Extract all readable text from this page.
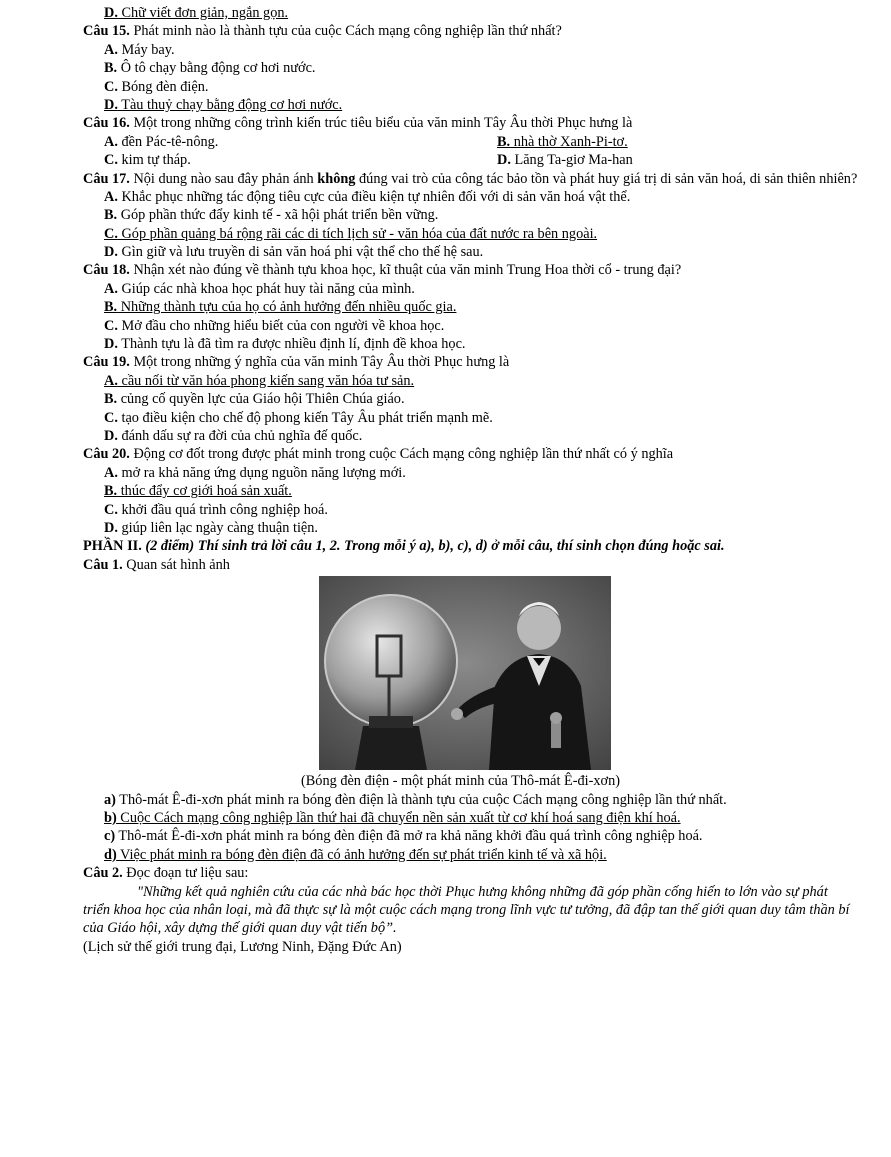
D. Chữ viết đơn giản, ngắn gọn.
Câu 15. Phát minh nào là thành tựu của cuộc Cách mạng công nghiệp lần thứ nhất?
A. Máy bay.
B. Ô tô chạy bằng động cơ hơi nước.
C. Bóng đèn điện.
D. Tàu thuỷ chạy bằng động cơ hơi nước.
Câu 16. Một trong những công trình kiến trúc tiêu biểu của văn minh Tây Âu thời Phục hưng là
A. đền Pác-tê-nông.	B. nhà thờ Xanh-Pi-tơ.
C. kim tự tháp.	D. Lăng Ta-giơ Ma-han
Câu 17. Nội dung nào sau đây phản ánh không đúng vai trò của công tác bảo tồn và phát huy giá trị di sản văn hoá, di sản thiên nhiên?
A. Khắc phục những tác động tiêu cực của điều kiện tự nhiên đối với di sản văn hoá vật thể.
B. Góp phần thức đẩy kinh tế - xã hội phát triển bền vững.
C. Góp phần quảng bá rộng rãi các di tích lịch sử - văn hóa của đất nước ra bên ngoài.
D. Gìn giữ và lưu truyền di sản văn hoá phi vật thể cho thế hệ sau.
Câu 18. Nhận xét nào đúng về thành tựu khoa học, kĩ thuật của văn minh Trung Hoa thời cổ - trung đại?
A. Giúp các nhà khoa học phát huy tài năng của mình.
B. Những thành tựu của họ có ảnh hưởng đến nhiều quốc gia.
C. Mở đầu cho những hiểu biết của con người về khoa học.
D. Thành tựu là đã tìm ra được nhiều định lí, định đề khoa học.
Câu 19. Một trong những ý nghĩa của văn minh Tây Âu thời Phục hưng là
A. cầu nối từ văn hóa phong kiến sang văn hóa tư sản.
B. củng cố quyền lực của Giáo hội Thiên Chúa giáo.
C. tạo điều kiện cho chế độ phong kiến Tây Âu phát triển mạnh mẽ.
D. đánh dấu sự ra đời của chủ nghĩa đế quốc.
Câu 20. Động cơ đốt trong được phát minh trong cuộc Cách mạng công nghiệp lần thứ nhất có ý nghĩa
A. mở ra khả năng ứng dụng nguồn năng lượng mới.
B. thúc đẩy cơ giới hoá sản xuất.
C. khởi đầu quá trình công nghiệp hoá.
D. giúp liên lạc ngày càng thuận tiện.
PHẦN II. (2 điểm) Thí sinh trả lời câu 1, 2. Trong mỗi ý a), b), c), d) ở mỗi câu, thí sinh chọn đúng hoặc sai.
Câu 1. Quan sát hình ảnh
(Bóng đèn điện - một phát minh của Thô-mát Ê-đi-xơn)
a) Thô-mát Ê-đi-xơn phát minh ra bóng đèn điện là thành tựu của cuộc Cách mạng công nghiệp lần thứ nhất.
b) Cuộc Cách mạng công nghiệp lần thứ hai đã chuyển nền sản xuất từ cơ khí hoá sang điện khí hoá.
c) Thô-mát Ê-đi-xơn phát minh ra bóng đèn điện đã mở ra khả năng khởi đầu quá trình công nghiệp hoá.
d) Việc phát minh ra bóng đèn điện đã có ảnh hưởng đến sự phát triển kinh tế và xã hội.
Câu 2. Đọc đoạn tư liệu sau:
"Những kết quả nghiên cứu của các nhà bác học thời Phục hưng không những đã góp phần cống hiến to lớn vào sự phát triển khoa học của nhân loại, mà đã thực sự là một cuộc cách mạng trong lĩnh vực tư tưởng, đã đập tan thế giới quan duy tâm thần bí của Giáo hội, xây dựng thế giới quan duy vật tiến bộ”.
(Lịch sử thế giới trung đại, Lương Ninh, Đặng Đức An)
